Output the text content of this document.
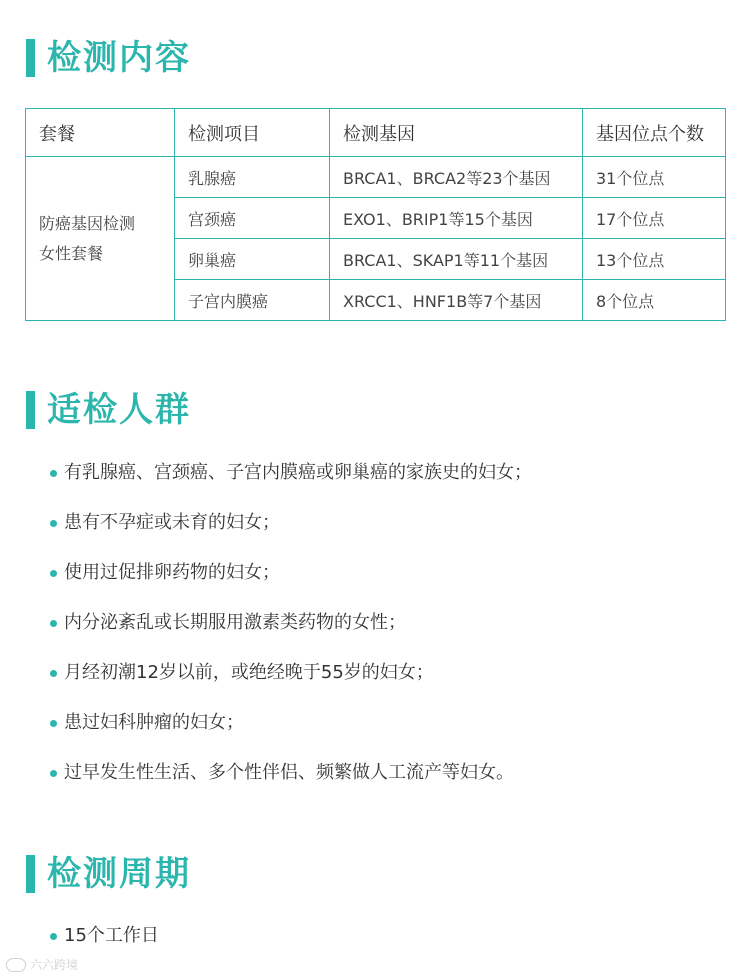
检测内容
套餐	检测项目	检测基因	基因位点个数

防癌基因检测
女性套餐	乳腺癌	BRCA1、BRCA2等23个基因	31个位点
	宫颈癌	EXO1、BRIP1等15个基因	17个位点
	卵巢癌	BRCA1、SKAP1等11个基因	13个位点
	子宫内膜癌	XRCC1、HNF1B等7个基因	8个位点
适检人群
有乳腺癌、宫颈癌、子宫内膜癌或卵巢癌的家族史的妇女；
患有不孕症或未育的妇女；
使用过促排卵药物的妇女；
内分泌紊乱或长期服用激素类药物的女性；
月经初潮12岁以前，或绝经晚于55岁的妇女；
患过妇科肿瘤的妇女；
过早发生性生活、多个性伴侣、频繁做人工流产等妇女。
检测周期
15个工作日
六六跨境
